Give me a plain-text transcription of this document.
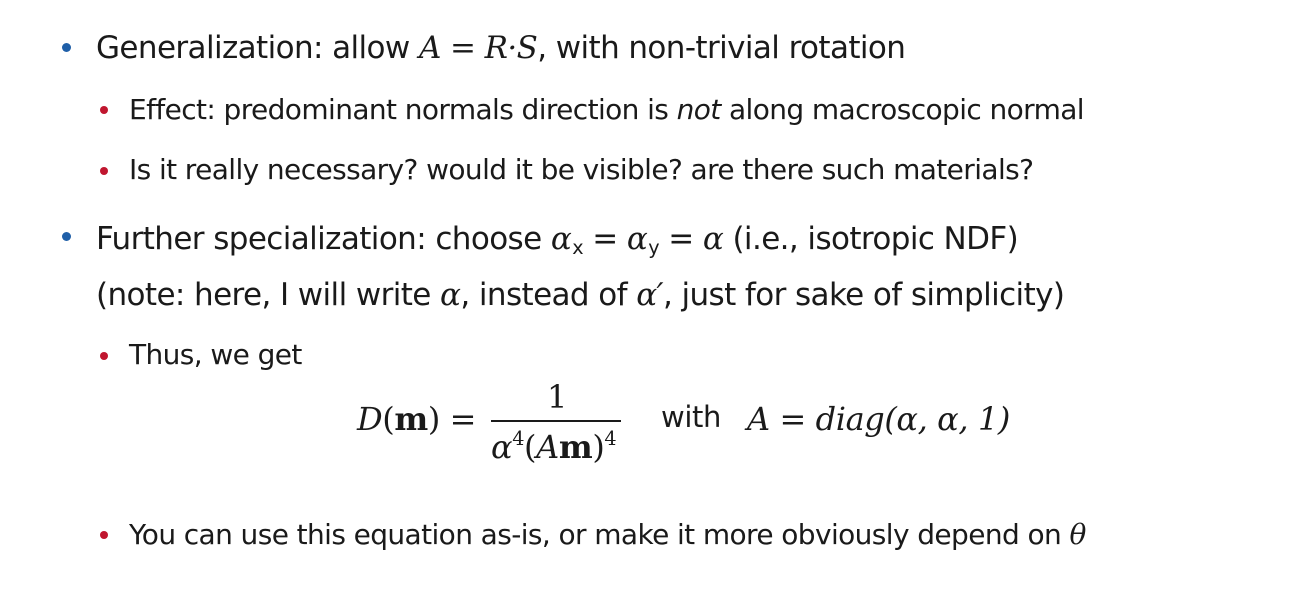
Generalization: allow A = R·S, with non-trivial rotation
Effect: predominant normals direction is not along macroscopic normal
Is it really necessary? would it be visible? are there such materials?
Further specialization: choose αx = αy = α (i.e., isotropic NDF)
(note: here, I will write α, instead of α′, just for sake of simplicity)
Thus, we get
D(m) =
1
$\alpha^4(Am)^4$
with A = diag(α, α, 1)
You can use this equation as-is, or make it more obviously depend on θ
